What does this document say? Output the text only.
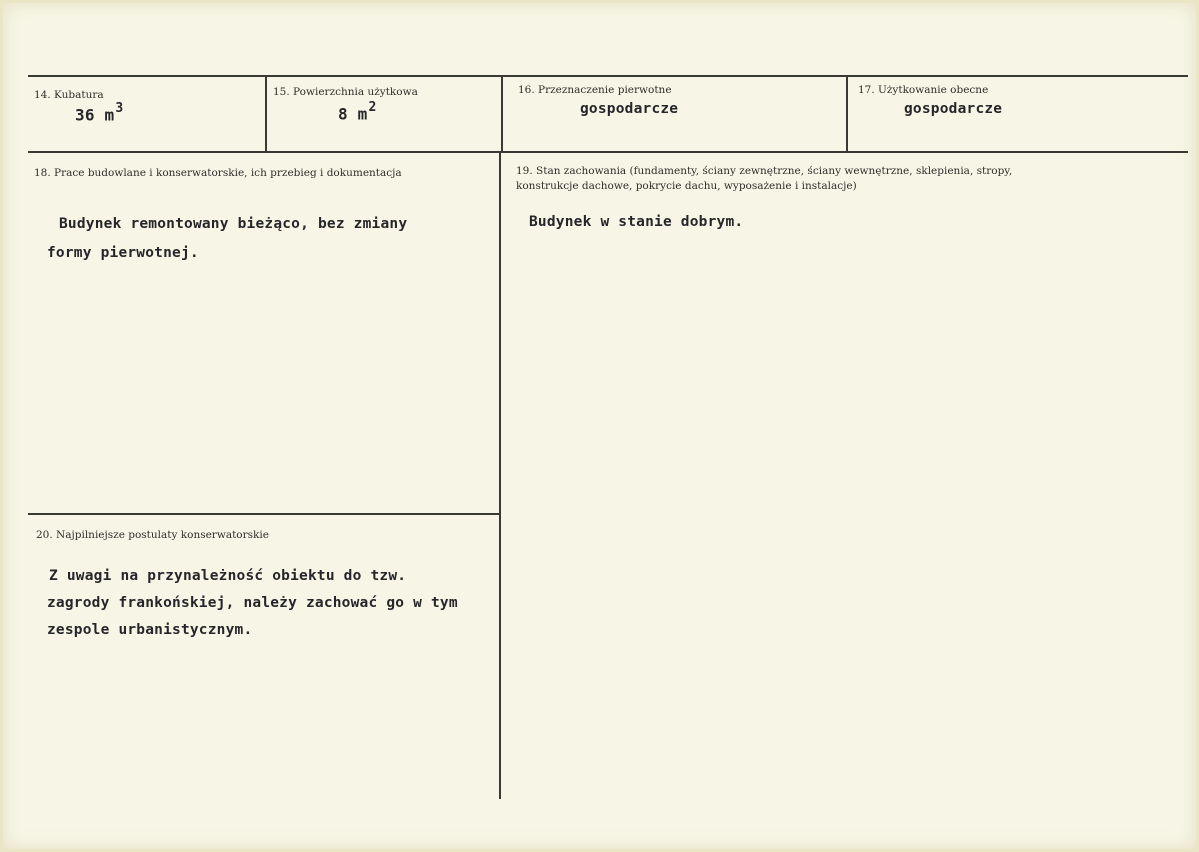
14. Kubatura
36 $m^3$
15. Powierzchnia użytkowa
8 $m^2$
16. Przeznaczenie pierwotne
gospodarcze
17. Użytkowanie obecne
gospodarcze
18. Prace budowlane i konserwatorskie, ich przebieg i dokumentacja
Budynek remontowany bieżąco, bez zmiany
formy pierwotnej.
19. Stan zachowania (fundamenty, ściany zewnętrzne, ściany wewnętrzne, sklepienia, stropy,
konstrukcje dachowe, pokrycie dachu, wyposażenie i instalacje)
Budynek w stanie dobrym.
20. Najpilniejsze postulaty konserwatorskie
Z uwagi na przynależność obiektu do tzw.
zagrody frankońskiej, należy zachować go w tym
zespole urbanistycznym.
